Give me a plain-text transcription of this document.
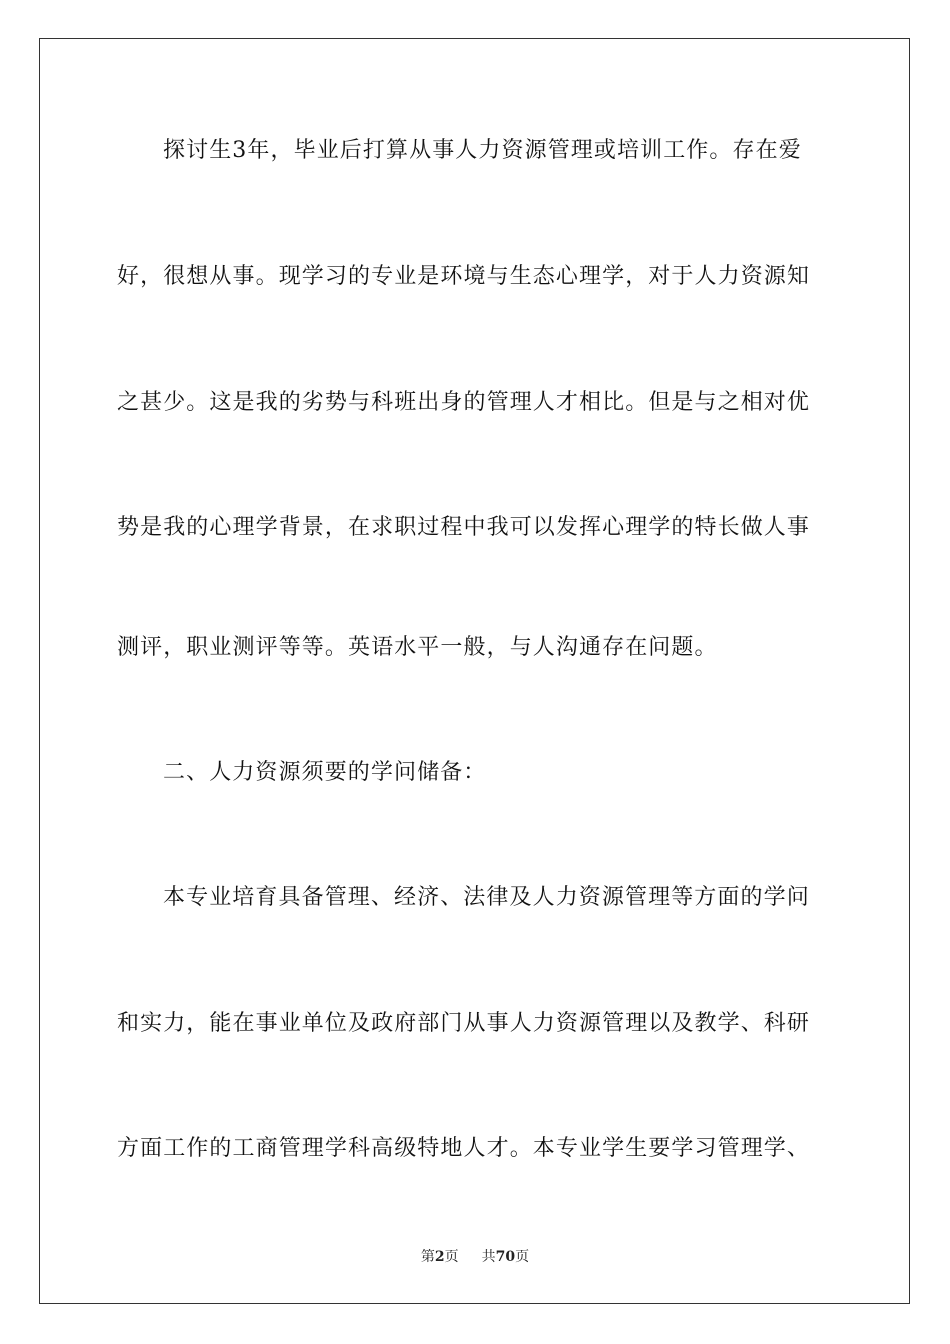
探讨生3年，毕业后打算从事人力资源管理或培训工作。存在爱
好，很想从事。现学习的专业是环境与生态心理学，对于人力资源知
之甚少。这是我的劣势与科班出身的管理人才相比。但是与之相对优
势是我的心理学背景，在求职过程中我可以发挥心理学的特长做人事
测评，职业测评等等。英语水平一般，与人沟通存在问题。
二、人力资源须要的学问储备：
本专业培育具备管理、经济、法律及人力资源管理等方面的学问
和实力，能在事业单位及政府部门从事人力资源管理以及教学、科研
方面工作的工商管理学科高级特地人才。本专业学生要学习管理学、
第2页 共70页
